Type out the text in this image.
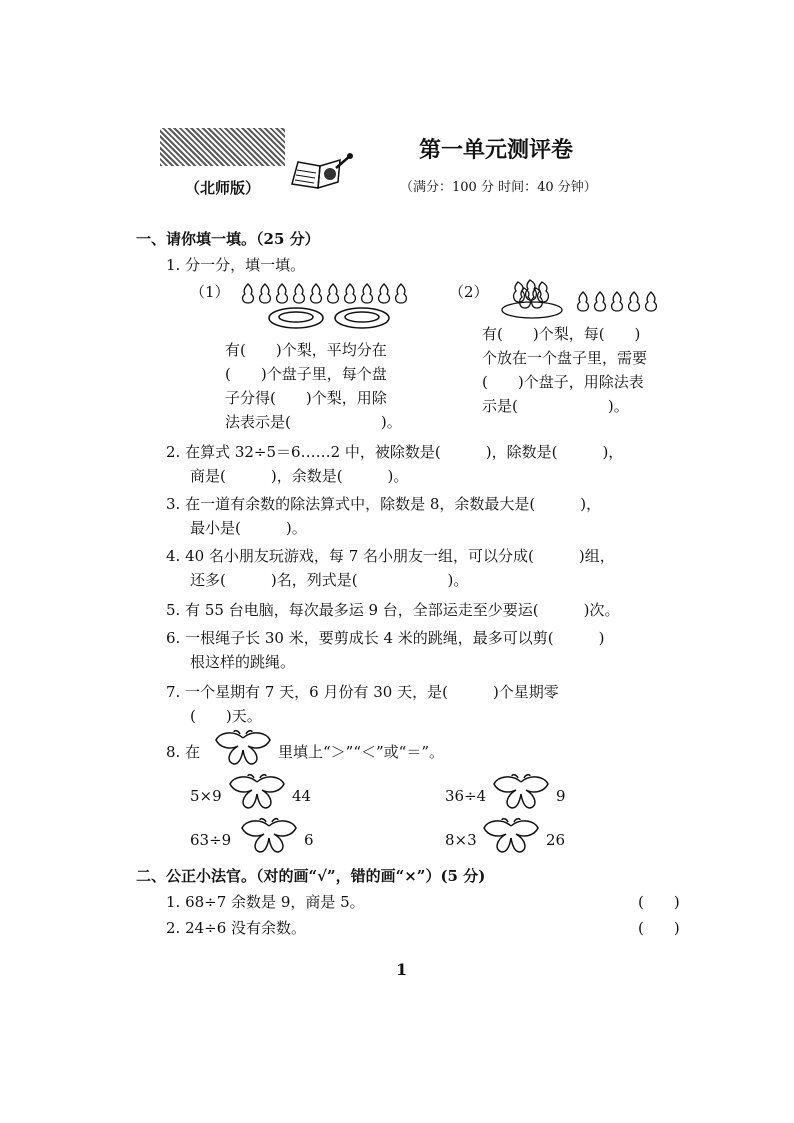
第一单元测评卷
（北师版）	（满分：100 分 时间：40 分钟）
一、请你填一填。（25 分）
1. 分一分，填一填。
（1）
有(　　)个梨，平均分在
(　　)个盘子里，每个盘
子分得(　　)个梨，用除
法表示是(　　　　　　)。
（2）
有(　　)个梨，每(　　)
个放在一个盘子里，需要
(　　)个盘子，用除法表
示是(　　　　　　)。
2. 在算式 32÷5＝6……2 中，被除数是(　　　)，除数是(　　　)，
商是(　　　)，余数是(　　　)。
3. 在一道有余数的除法算式中，除数是 8，余数最大是(　　　)，
最小是(　　　)。
4. 40 名小朋友玩游戏，每 7 名小朋友一组，可以分成(　　　)组，
还多(　　　)名，列式是(　　　　　　)。
5. 有 55 台电脑，每次最多运 9 台，全部运走至少要运(　　　)次。
6. 一根绳子长 30 米，要剪成长 4 米的跳绳，最多可以剪(　　　)
根这样的跳绳。
7. 一个星期有 7 天，6 月份有 30 天，是(　　　)个星期零
(　　)天。
8. 在	里填上“＞”“＜”或“＝”。
5×9	44	36÷4	9
63÷9	6	8×3	26
二、公正小法官。（对的画“√”，错的画“×”）(5 分)
1. 68÷7 余数是 9，商是 5。	(　　)
2. 24÷6 没有余数。	(　　)
1
